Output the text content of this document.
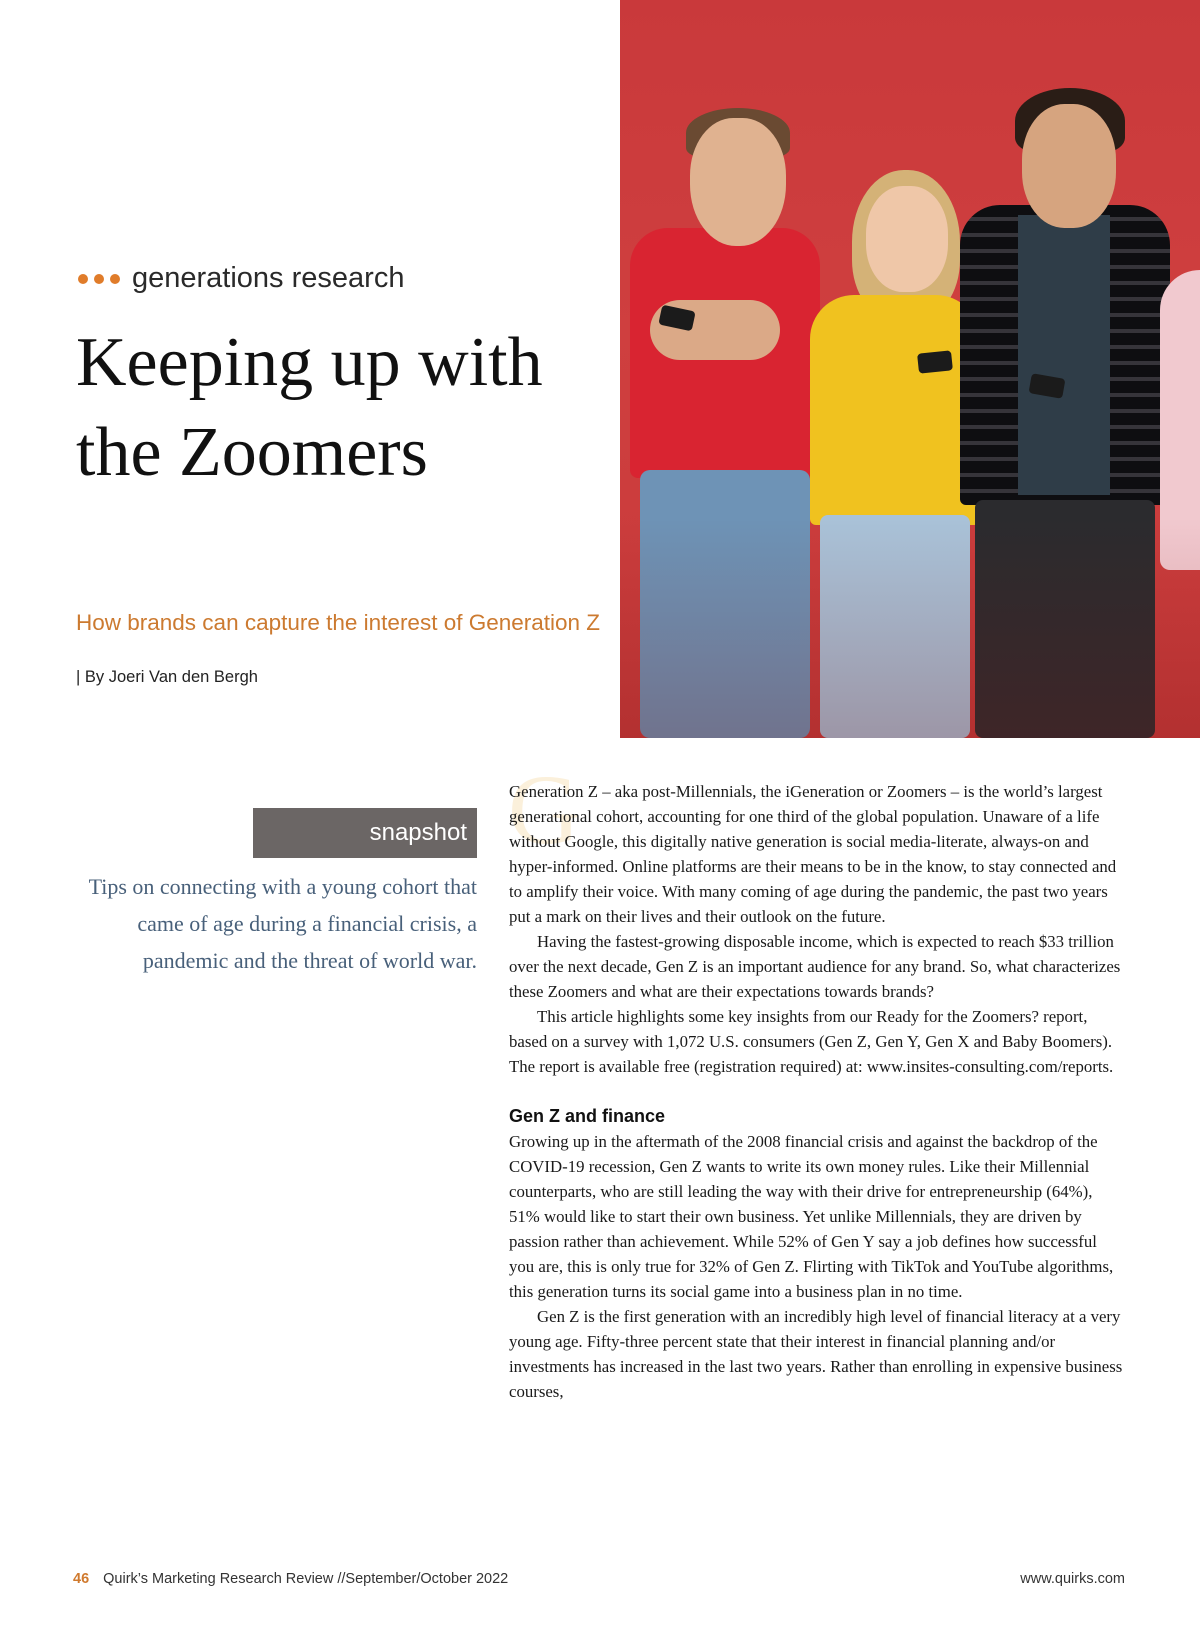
generations research
Keeping up with the Zoomers
How brands can capture the interest of Generation Z
| By Joeri Van den Bergh
snapshot

Tips on connecting with a young cohort that came of age during a financial crisis, a pandemic and the threat of world war.

G

Generation Z – aka post-Millennials, the iGeneration or Zoomers – is the world’s largest generational cohort, accounting for one third of the global population. Unaware of a life without Google, this digitally native generation is social media-literate, always-on and hyper-informed. Online platforms are their means to be in the know, to stay connected and to amplify their voice. With many coming of age during the pandemic, the past two years put a mark on their lives and their outlook on the future.

Having the fastest-growing disposable income, which is expected to reach $33 trillion over the next decade, Gen Z is an important audience for any brand. So, what characterizes these Zoomers and what are their expectations towards brands?

This article highlights some key insights from our Ready for the Zoomers? report, based on a survey with 1,072 U.S. consumers (Gen Z, Gen Y, Gen X and Baby Boomers). The report is available free (registration required) at: www.insites-consulting.com/reports.

Gen Z and finance

Growing up in the aftermath of the 2008 financial crisis and against the backdrop of the COVID-19 recession, Gen Z wants to write its own money rules. Like their Millennial counterparts, who are still leading the way with their drive for entrepreneurship (64%), 51% would like to start their own business. Yet unlike Millennials, they are driven by passion rather than achievement. While 52% of Gen Y say a job defines how successful you are, this is only true for 32% of Gen Z. Flirting with TikTok and YouTube algorithms, this generation turns its social game into a business plan in no time.

Gen Z is the first generation with an incredibly high level of financial literacy at a very young age. Fifty-three percent state that their interest in financial planning and/or investments has increased in the last two years. Rather than enrolling in expensive business courses,

46 Quirk’s Marketing Research Review //September/October 2022	www.quirks.com
